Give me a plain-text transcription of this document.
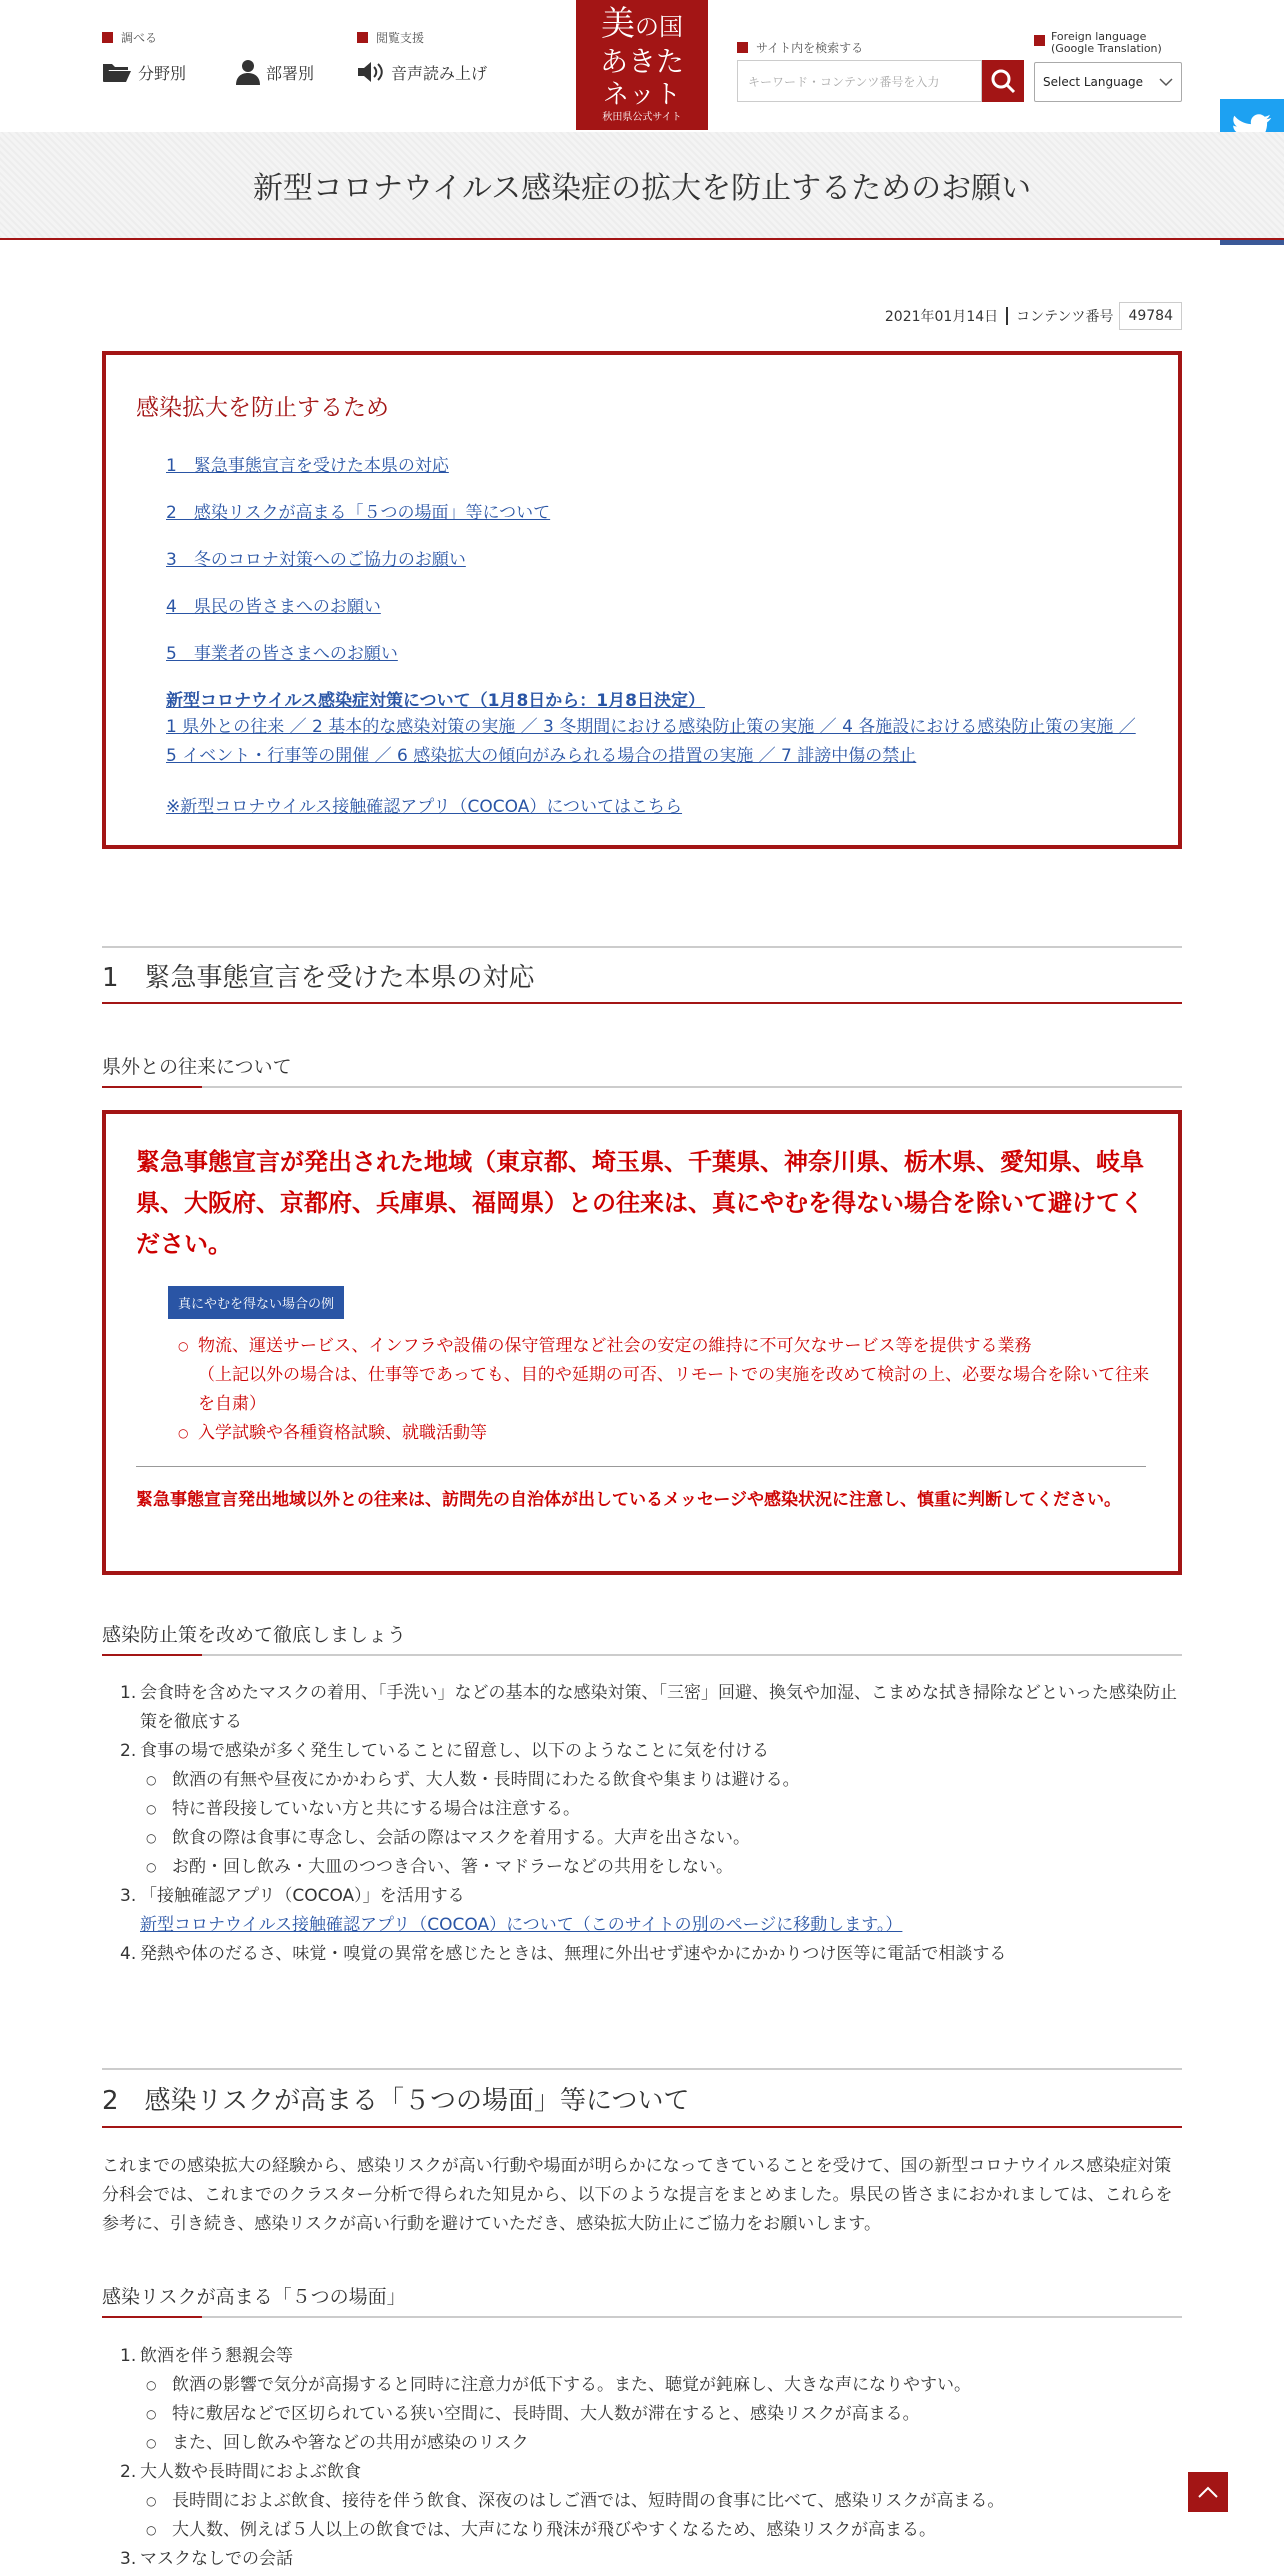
調べる
分野別	部署別
閲覧支援
音声読み上げ
美の国
あきた
ネット
秋田県公式サイト
サイト内を検索する
キーワード・コンテンツ番号を入力
Foreign language
(Google Translation)
Select Language
新型コロナウイルス感染症の拡大を防止するためのお願い
2021年01月14日 コンテンツ番号	49784
感染拡大を防止するため
1　緊急事態宣言を受けた本県の対応
2　感染リスクが高まる「５つの場面」等について
3　冬のコロナ対策へのご協力のお願い
4　県民の皆さまへのお願い
5　事業者の皆さまへのお願い
新型コロナウイルス感染症対策について（1月8日から：1月8日決定）
1 県外との往来 ／ 2 基本的な感染対策の実施 ／ 3 冬期間における感染防止策の実施 ／ 4 各施設における感染防止策の実施 ／ 5 イベント・行事等の開催 ／ 6 感染拡大の傾向がみられる場合の措置の実施 ／ 7 誹謗中傷の禁止
※新型コロナウイルス接触確認アプリ（COCOA）についてはこちら
1　緊急事態宣言を受けた本県の対応
県外との往来について
緊急事態宣言が発出された地域（東京都、埼玉県、千葉県、神奈川県、栃木県、愛知県、岐阜県、大阪府、京都府、兵庫県、福岡県）との往来は、真にやむを得ない場合を除いて避けてください。
真にやむを得ない場合の例
○ 物流、運送サービス、インフラや設備の保守管理など社会の安定の維持に不可欠なサービス等を提供する業務
（上記以外の場合は、仕事等であっても、目的や延期の可否、リモートでの実施を改めて検討の上、必要な場合を除いて往来を自粛）
○ 入学試験や各種資格試験、就職活動等
緊急事態宣言発出地域以外との往来は、訪問先の自治体が出しているメッセージや感染状況に注意し、慎重に判断してください。
感染防止策を改めて徹底しましょう
1. 会食時を含めたマスクの着用、「手洗い」などの基本的な感染対策、「三密」回避、換気や加湿、こまめな拭き掃除などといった感染防止策を徹底する
2. 食事の場で感染が多く発生していることに留意し、以下のようなことに気を付ける
○ 飲酒の有無や昼夜にかかわらず、大人数・長時間にわたる飲食や集まりは避ける。
○ 特に普段接していない方と共にする場合は注意する。
○ 飲食の際は食事に専念し、会話の際はマスクを着用する。大声を出さない。
○ お酌・回し飲み・大皿のつつき合い、箸・マドラーなどの共用をしない。
3. 「接触確認アプリ（COCOA）」を活用する
新型コロナウイルス接触確認アプリ（COCOA）について（このサイトの別のページに移動します。）
4. 発熱や体のだるさ、味覚・嗅覚の異常を感じたときは、無理に外出せず速やかにかかりつけ医等に電話で相談する
2　感染リスクが高まる「５つの場面」等について
これまでの感染拡大の経験から、感染リスクが高い行動や場面が明らかになってきていることを受けて、国の新型コロナウイルス感染症対策分科会では、これまでのクラスター分析で得られた知見から、以下のような提言をまとめました。県民の皆さまにおかれましては、これらを参考に、引き続き、感染リスクが高い行動を避けていただき、感染拡大防止にご協力をお願いします。
感染リスクが高まる「５つの場面」
1. 飲酒を伴う懇親会等
○ 飲酒の影響で気分が高揚すると同時に注意力が低下する。また、聴覚が鈍麻し、大きな声になりやすい。
○ 特に敷居などで区切られている狭い空間に、長時間、大人数が滞在すると、感染リスクが高まる。
○ また、回し飲みや箸などの共用が感染のリスク
2. 大人数や長時間におよぶ飲食
○ 長時間におよぶ飲食、接待を伴う飲食、深夜のはしご酒では、短時間の食事に比べて、感染リスクが高まる。
○ 大人数、例えば５人以上の飲食では、大声になり飛沫が飛びやすくなるため、感染リスクが高まる。
3. マスクなしでの会話
